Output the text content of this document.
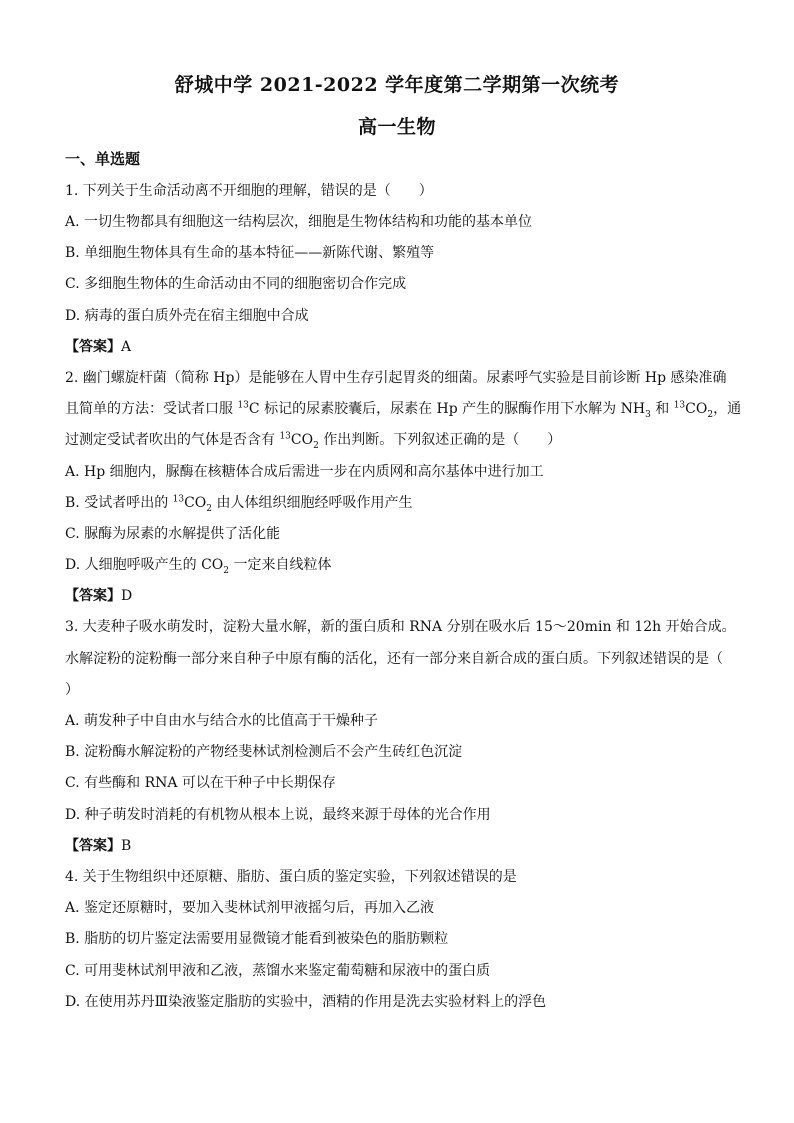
舒城中学 2021-2022 学年度第二学期第一次统考
高一生物
一、单选题
1. 下列关于生命活动离不开细胞的理解，错误的是（　　）
A. 一切生物都具有细胞这一结构层次，细胞是生物体结构和功能的基本单位
B. 单细胞生物体具有生命的基本特征——新陈代谢、繁殖等
C. 多细胞生物体的生命活动由不同的细胞密切合作完成
D. 病毒的蛋白质外壳在宿主细胞中合成
【答案】A
2. 幽门螺旋杆菌（简称 Hp）是能够在人胃中生存引起胃炎的细菌。尿素呼气实验是目前诊断 Hp 感染准确
且简单的方法：受试者口服 $^{13}$C 标记的尿素胶囊后，尿素在 Hp 产生的脲酶作用下水解为 $NH_3$ 和 $^{13}CO_2$，通
过测定受试者吹出的气体是否含有 $^{13}CO_2$ 作出判断。下列叙述正确的是（　　）
A. Hp 细胞内，脲酶在核糖体合成后需进一步在内质网和高尔基体中进行加工
B. 受试者呼出的 $^{13}CO_2$ 由人体组织细胞经呼吸作用产生
C. 脲酶为尿素的水解提供了活化能
D. 人细胞呼吸产生的 $CO_2$ 一定来自线粒体
【答案】D
3. 大麦种子吸水萌发时，淀粉大量水解，新的蛋白质和 RNA 分别在吸水后 15～20min 和 12h 开始合成。
水解淀粉的淀粉酶一部分来自种子中原有酶的活化，还有一部分来自新合成的蛋白质。下列叙述错误的是（
）
A. 萌发种子中自由水与结合水的比值高于干燥种子
B. 淀粉酶水解淀粉的产物经斐林试剂检测后不会产生砖红色沉淀
C. 有些酶和 RNA 可以在干种子中长期保存
D. 种子萌发时消耗的有机物从根本上说，最终来源于母体的光合作用
【答案】B
4. 关于生物组织中还原糖、脂肪、蛋白质的鉴定实验，下列叙述错误的是
A. 鉴定还原糖时，要加入斐林试剂甲液摇匀后，再加入乙液
B. 脂肪的切片鉴定法需要用显微镜才能看到被染色的脂肪颗粒
C. 可用斐林试剂甲液和乙液，蒸馏水来鉴定葡萄糖和尿液中的蛋白质
D. 在使用苏丹Ⅲ染液鉴定脂肪的实验中，酒精的作用是洗去实验材料上的浮色
